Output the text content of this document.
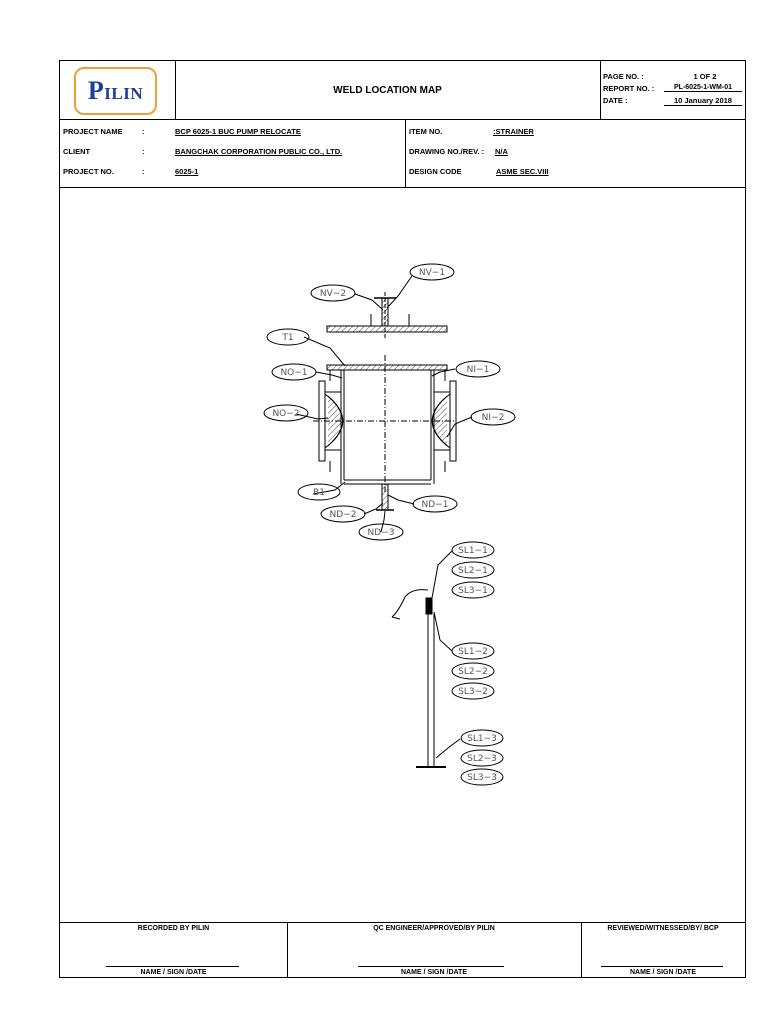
PILIN	WELD LOCATION MAP
PAGE NO. :	1 OF 2
REPORT NO. :	PL-6025-1-WM-01
DATE :	10 January 2018
PROJECT NAME	:	BCP 6025-1 BUC PUMP RELOCATE
CLIENT	:	BANGCHAK CORPORATION PUBLIC CO., LTD.
PROJECT NO.	:	6025-1
ITEM NO.	:STRAINER
DRAWING NO./REV. : N/A
DESIGN CODE	ASME SEC.VIII
RECORDED BY PILIN	QC ENGINEER/APPROVED/BY PILIN	REVIEWED/WITNESSED/BY/ BCP
NAME / SIGN /DATE	NAME / SIGN /DATE	NAME / SIGN /DATE
NV−1
NV−2
T1
NO−1	NI−1
NO−2	NI−2
B1
ND−1
ND−2
ND−3
SL1−1
SL2−1
SL3−1
SL1−2
SL2−2
SL3−2
SL1−3
SL2−3
SL3−3
